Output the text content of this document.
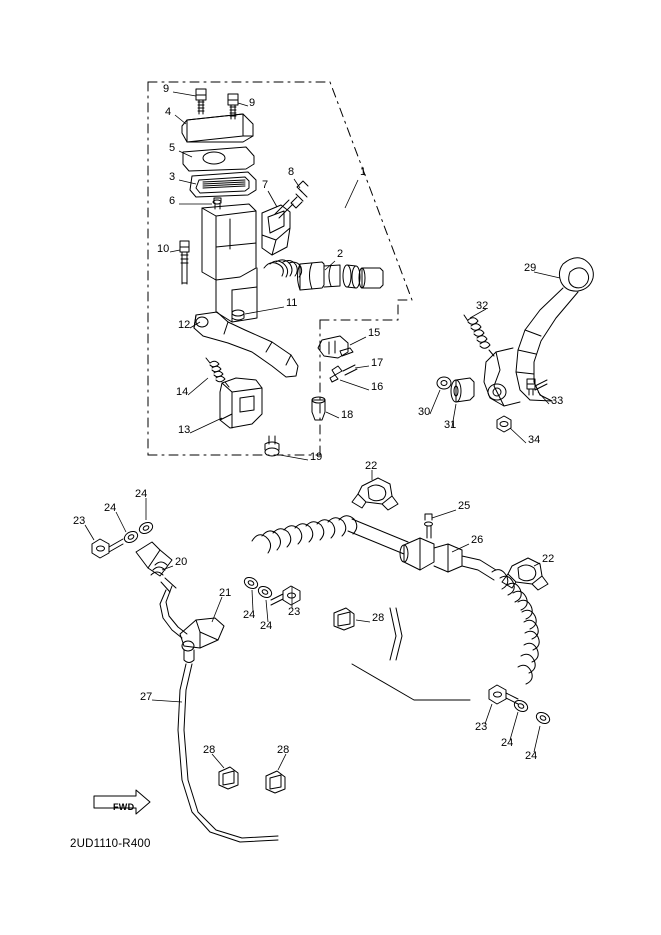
9
9
4
5
3
6
7
8	1
2
10
11
12
15
17
14	16
18
13
19
29
32
30
31
33
34
22
25
26
22
24
24
23
20
21
24
24
23	28
27
23
24
24
28	28
FWD
2UD1110-R400
